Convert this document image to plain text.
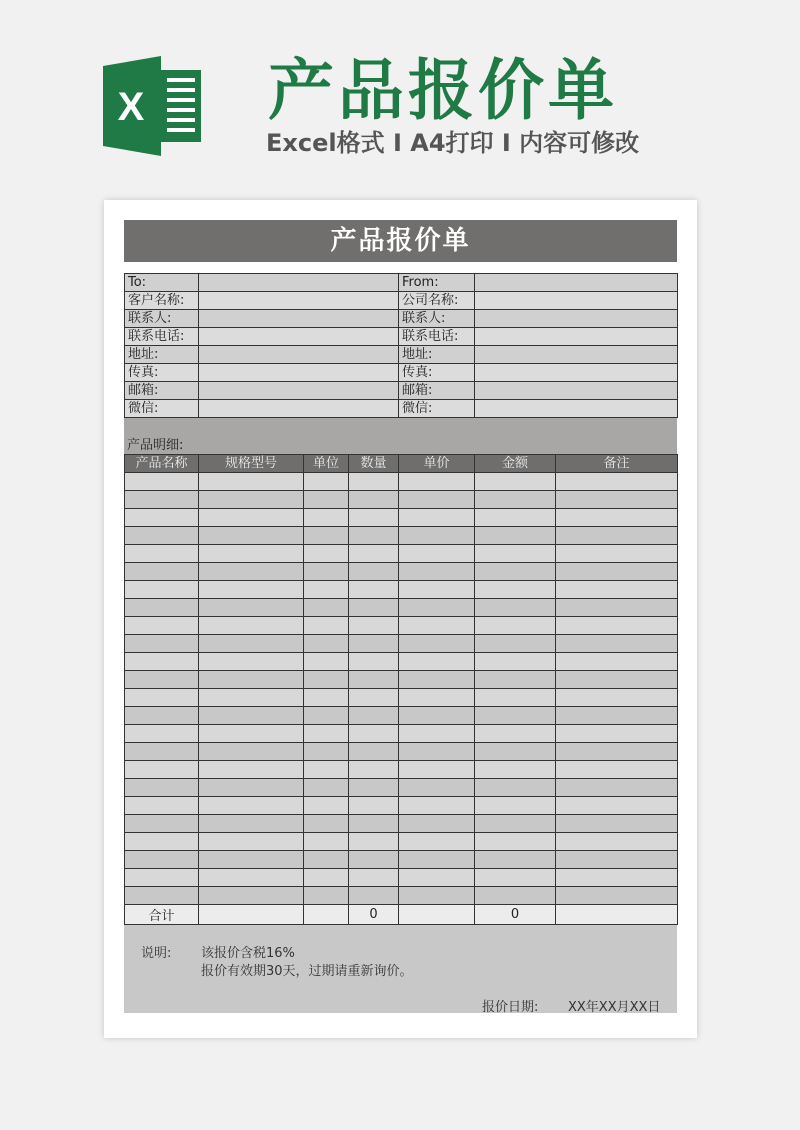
X 产品报价单
Excel格式 I A4打印 I 内容可修改
产品报价单
To:		From:	
客户名称:		公司名称:	
联系人:		联系人:	
联系电话:		联系电话:	
地址:		地址:	
传真:		传真:	
邮箱:		邮箱:	
微信:		微信:	
产品明细:
产品名称	规格型号	单位	数量	单价	金额	备注

合计			0		0	
说明: 该报价含税16%
报价有效期30天，过期请重新询价。
报价日期: XX年XX月XX日
